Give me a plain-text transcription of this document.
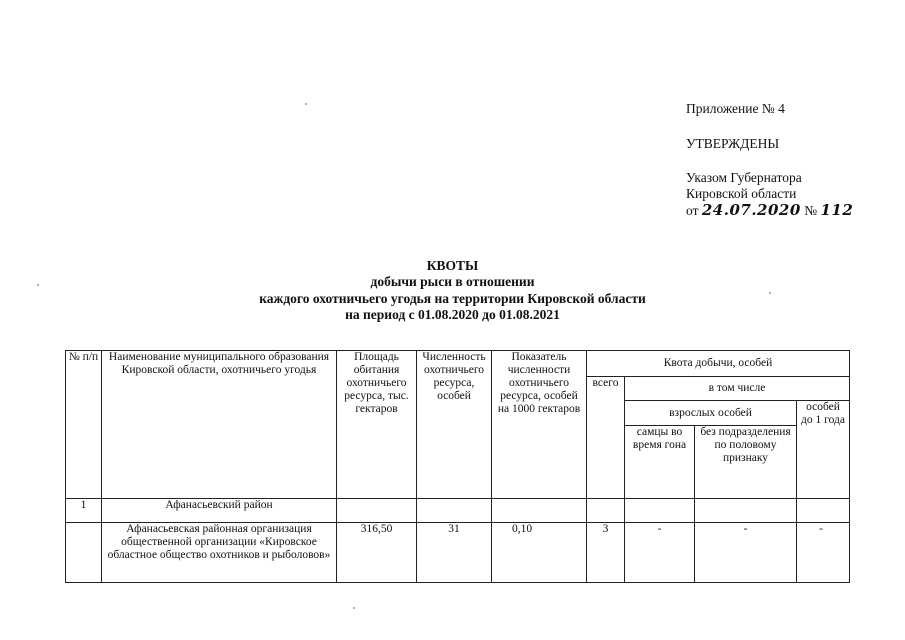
Приложение № 4
УТВЕРЖДЕНЫ
Указом Губернатора
Кировской области
от 24.07.2020 № 112
КВОТЫ
добычи рыси в отношении
каждого охотничьего угодья на территории Кировской области
на период с 01.08.2020 до 01.08.2021
№ п/п	Наименование муниципального образования Кировской области, охотничьего угодья	Площадь обитания охотничьего ресурса, тыс. гектаров	Численность охотничьего ресурса, особей	Показатель численности охотничьего ресурса, особей на 1000 гектаров	Квота добычи, особей			
					всего	в том числе		
						взрослых особей		особей до 1 года
						самцы во время гона	без подразделения по половому признаку	
1	Афанасьевский район							
	Афанасьевская районная организация общественной организации «Кировское областное общество охотников и рыболовов»	316,50	31	0,10	3	-	-	-
